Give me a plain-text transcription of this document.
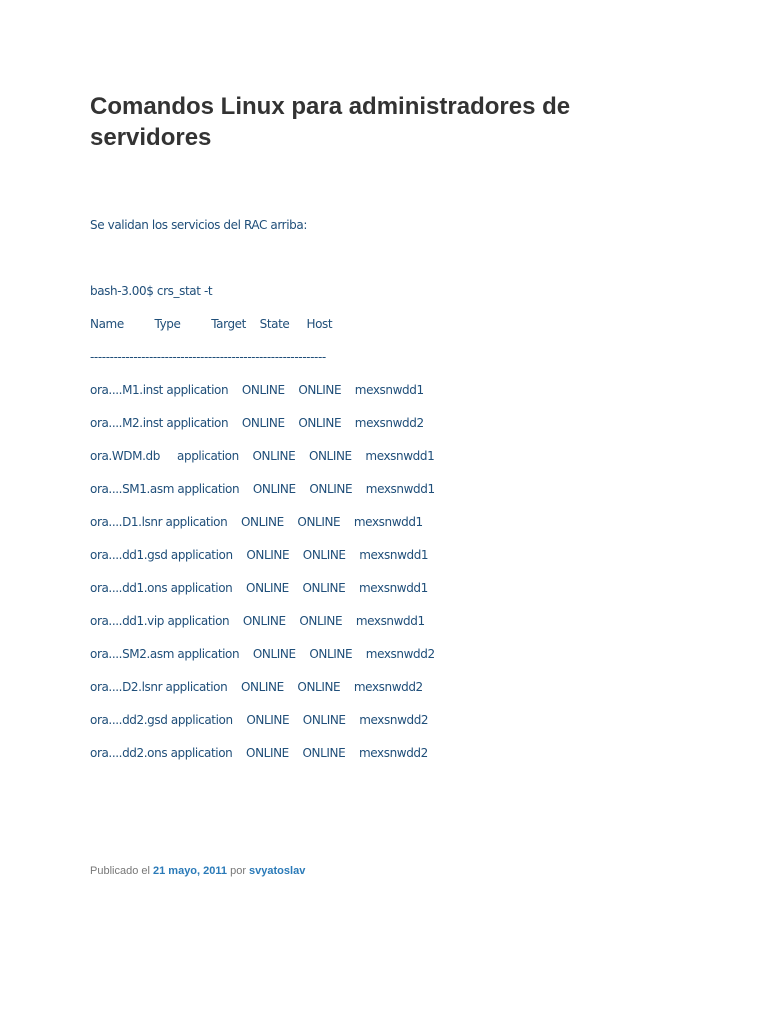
Comandos Linux para administradores de servidores

Se validan los servicios del RAC arriba:

bash-3.00$ crs_stat -t

Name         Type         Target    State     Host

------------------------------------------------------------

ora....M1.inst application    ONLINE    ONLINE    mexsnwdd1

ora....M2.inst application    ONLINE    ONLINE    mexsnwdd2

ora.WDM.db     application    ONLINE    ONLINE    mexsnwdd1

ora....SM1.asm application    ONLINE    ONLINE    mexsnwdd1

ora....D1.lsnr application    ONLINE    ONLINE    mexsnwdd1

ora....dd1.gsd application    ONLINE    ONLINE    mexsnwdd1

ora....dd1.ons application    ONLINE    ONLINE    mexsnwdd1

ora....dd1.vip application    ONLINE    ONLINE    mexsnwdd1

ora....SM2.asm application    ONLINE    ONLINE    mexsnwdd2

ora....D2.lsnr application    ONLINE    ONLINE    mexsnwdd2

ora....dd2.gsd application    ONLINE    ONLINE    mexsnwdd2

ora....dd2.ons application    ONLINE    ONLINE    mexsnwdd2

Publicado el 21 mayo, 2011 por svyatoslav
